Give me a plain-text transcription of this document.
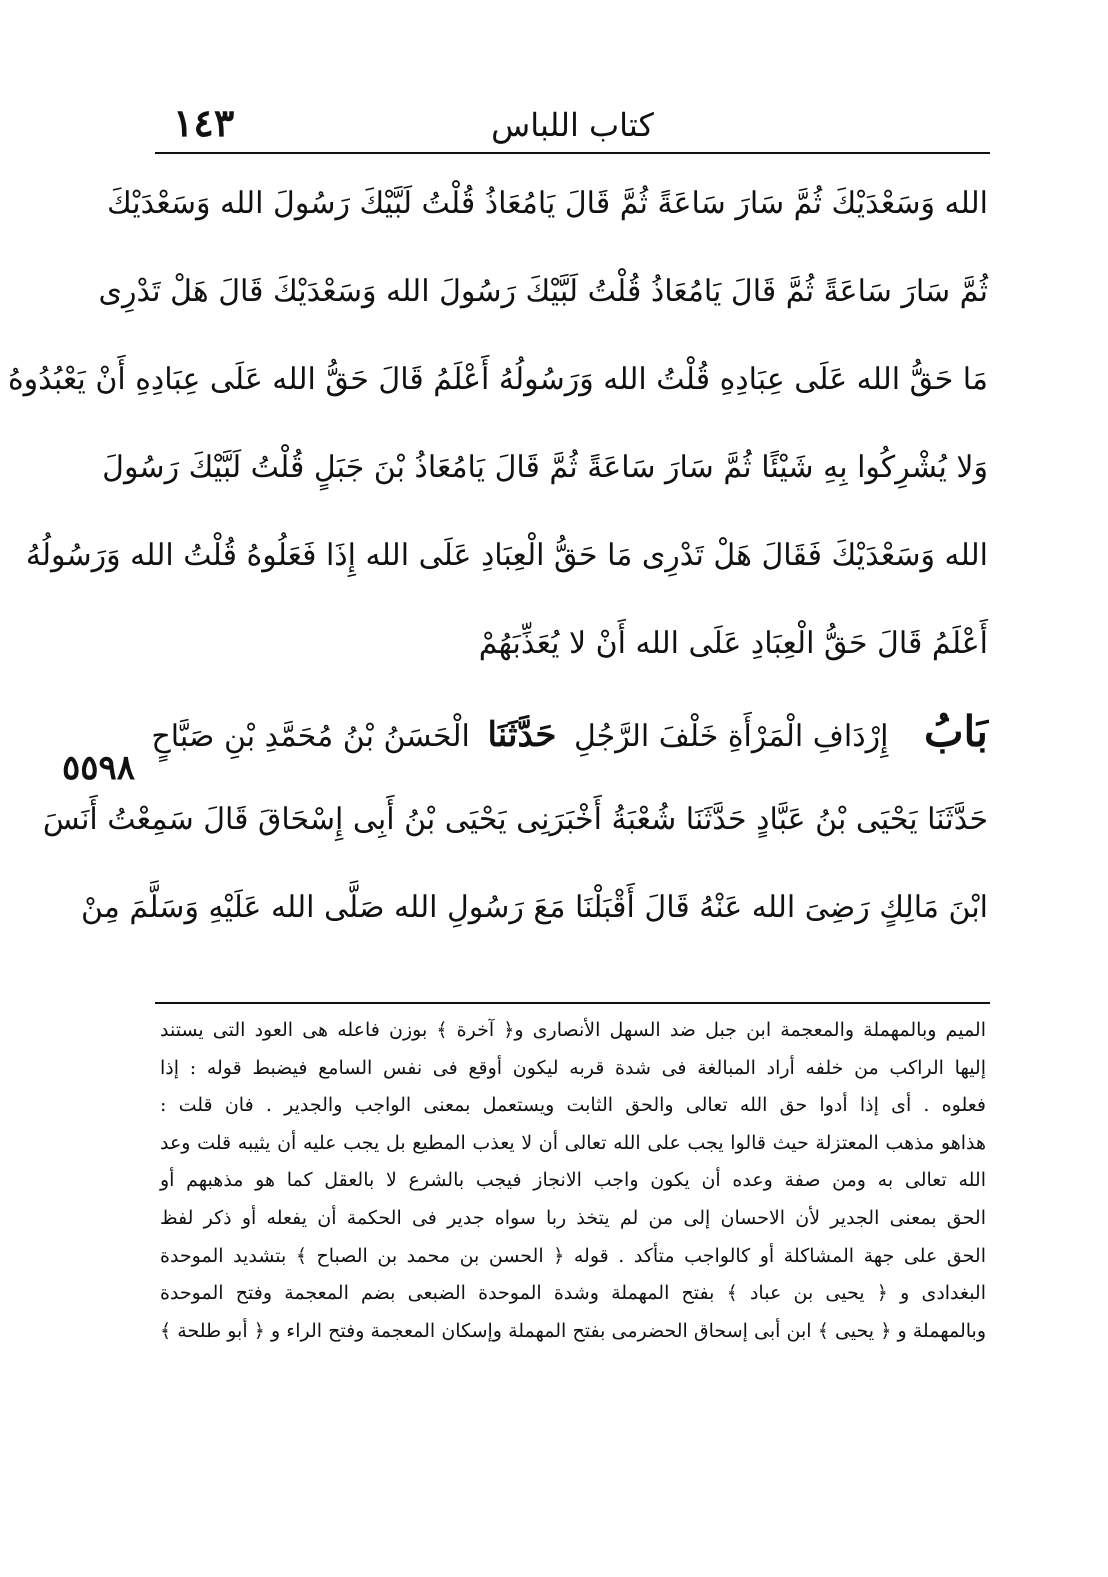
١٤٣	كتاب اللباس
الله وَسَعْدَيْكَ ثُمَّ سَارَ سَاعَةً ثُمَّ قَالَ يَامُعَاذُ قُلْتُ لَبَّيْكَ رَسُولَ الله وَسَعْدَيْكَ
ثُمَّ سَارَ سَاعَةً ثُمَّ قَالَ يَامُعَاذُ قُلْتُ لَبَّيْكَ رَسُولَ الله وَسَعْدَيْكَ قَالَ هَلْ تَدْرِى
مَا حَقُّ الله عَلَى عِبَادِهِ قُلْتُ الله وَرَسُولُهُ أَعْلَمُ قَالَ حَقُّ الله عَلَى عِبَادِهِ أَنْ يَعْبُدُوهُ
وَلا يُشْرِكُوا بِهِ شَيْئًا ثُمَّ سَارَ سَاعَةً ثُمَّ قَالَ يَامُعَاذُ بْنَ جَبَلٍ قُلْتُ لَبَّيْكَ رَسُولَ
الله وَسَعْدَيْكَ فَقَالَ هَلْ تَدْرِى مَا حَقُّ الْعِبَادِ عَلَى الله إِذَا فَعَلُوهُ قُلْتُ الله وَرَسُولُهُ
أَعْلَمُ قَالَ حَقُّ الْعِبَادِ عَلَى الله أَنْ لا يُعَذِّبَهُمْ
بَابُ إِرْدَافِ الْمَرْأَةِ خَلْفَ الرَّجُلِ حَدَّثَنَا الْحَسَنُ بْنُ مُحَمَّدِ بْنِ صَبَّاحٍ
حَدَّثَنَا يَحْيَى بْنُ عَبَّادٍ حَدَّثَنَا شُعْبَةُ أَخْبَرَنِى يَحْيَى بْنُ أَبِى إِسْحَاقَ قَالَ سَمِعْتُ أَنَسَ
ابْنَ مَالِكٍ رَضِىَ الله عَنْهُ قَالَ أَقْبَلْنَا مَعَ رَسُولِ الله صَلَّى الله عَلَيْهِ وَسَلَّمَ مِنْ
٥٥٩٨
الميم وبالمهملة والمعجمة ابن جبل ضد السهل الأنصارى و﴿ آخرة ﴾ بوزن فاعله هى العود التى يستند
إليها الراكب من خلفه أراد المبالغة فى شدة قربه ليكون أوقع فى نفس السامع فيضبط قوله : إذا
فعلوه . أى إذا أدوا حق الله تعالى والحق الثابت ويستعمل بمعنى الواجب والجدير . فان قلت :
هذاهو مذهب المعتزلة حيث قالوا يجب على الله تعالى أن لا يعذب المطيع بل يجب عليه أن يثيبه قلت وعد
الله تعالى به ومن صفة وعده أن يكون واجب الانجاز فيجب بالشرع لا بالعقل كما هو مذهبهم أو
الحق بمعنى الجدير لأن الاحسان إلى من لم يتخذ ربا سواه جدير فى الحكمة أن يفعله أو ذكر لفظ
الحق على جهة المشاكلة أو كالواجب متأكد . قوله ﴿ الحسن بن محمد بن الصباح ﴾ بتشديد الموحدة
البغدادى و ﴿ يحيى بن عباد ﴾ بفتح المهملة وشدة الموحدة الضبعى بضم المعجمة وفتح الموحدة
وبالمهملة و ﴿ يحيى ﴾ ابن أبى إسحاق الحضرمى بفتح المهملة وإسكان المعجمة وفتح الراء و ﴿ أبو طلحة ﴾
